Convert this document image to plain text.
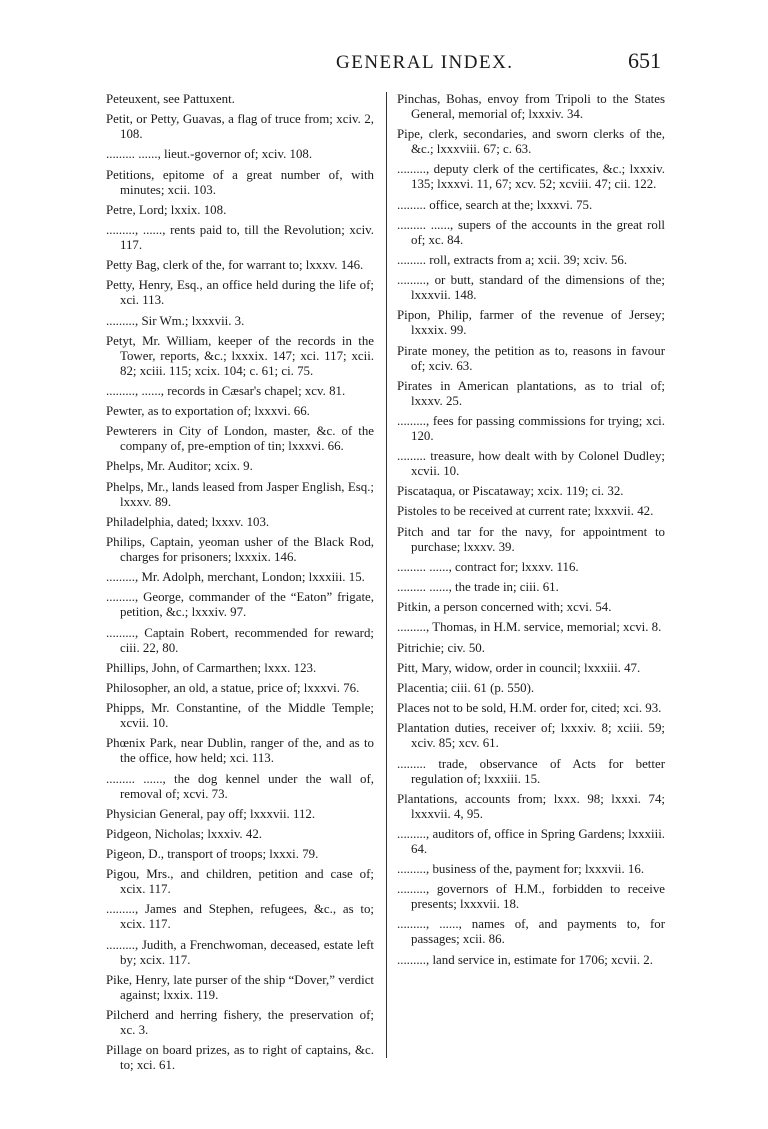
GENERAL INDEX.	651

Peteuxent, see Pattuxent.

Petit, or Petty, Guavas, a flag of truce from; xciv. 2, 108.

......... ......, lieut.-governor of; xciv. 108.

Petitions, epitome of a great number of, with minutes; xcii. 103.

Petre, Lord; lxxix. 108.

........., ......, rents paid to, till the Revolution; xciv. 117.

Petty Bag, clerk of the, for warrant to; lxxxv. 146.

Petty, Henry, Esq., an office held during the life of; xci. 113.

........., Sir Wm.; lxxxvii. 3.

Petyt, Mr. William, keeper of the records in the Tower, reports, &c.; lxxxix. 147; xci. 117; xcii. 82; xciii. 115; xcix. 104; c. 61; ci. 75.

........., ......, records in Cæsar's chapel; xcv. 81.

Pewter, as to exportation of; lxxxvi. 66.

Pewterers in City of London, master, &c. of the company of, pre-emption of tin; lxxxvi. 66.

Phelps, Mr. Auditor; xcix. 9.

Phelps, Mr., lands leased from Jasper English, Esq.; lxxxv. 89.

Philadelphia, dated; lxxxv. 103.

Philips, Captain, yeoman usher of the Black Rod, charges for prisoners; lxxxix. 146.

........., Mr. Adolph, merchant, London; lxxxiii. 15.

........., George, commander of the “Eaton” frigate, petition, &c.; lxxxiv. 97.

........., Captain Robert, recommended for reward; ciii. 22, 80.

Phillips, John, of Carmarthen; lxxx. 123.

Philosopher, an old, a statue, price of; lxxxvi. 76.

Phipps, Mr. Constantine, of the Middle Temple; xcvii. 10.

Phœnix Park, near Dublin, ranger of the, and as to the office, how held; xci. 113.

......... ......, the dog kennel under the wall of, removal of; xcvi. 73.

Physician General, pay off; lxxxvii. 112.

Pidgeon, Nicholas; lxxxiv. 42.

Pigeon, D., transport of troops; lxxxi. 79.

Pigou, Mrs., and children, petition and case of; xcix. 117.

........., James and Stephen, refugees, &c., as to; xcix. 117.

........., Judith, a Frenchwoman, deceased, estate left by; xcix. 117.

Pike, Henry, late purser of the ship “Dover,” verdict against; lxxix. 119.

Pilcherd and herring fishery, the preservation of; xc. 3.

Pillage on board prizes, as to right of captains, &c. to; xci. 61.

Pinchas, Bohas, envoy from Tripoli to the States General, memorial of; lxxxiv. 34.

Pipe, clerk, secondaries, and sworn clerks of the, &c.; lxxxviii. 67; c. 63.

........., deputy clerk of the certificates, &c.; lxxxiv. 135; lxxxvi. 11, 67; xcv. 52; xcviii. 47; cii. 122.

......... office, search at the; lxxxvi. 75.

......... ......, supers of the accounts in the great roll of; xc. 84.

......... roll, extracts from a; xcii. 39; xciv. 56.

........., or butt, standard of the dimensions of the; lxxxvii. 148.

Pipon, Philip, farmer of the revenue of Jersey; lxxxix. 99.

Pirate money, the petition as to, reasons in favour of; xciv. 63.

Pirates in American plantations, as to trial of; lxxxv. 25.

........., fees for passing commissions for trying; xci. 120.

......... treasure, how dealt with by Colonel Dudley; xcvii. 10.

Piscataqua, or Piscataway; xcix. 119; ci. 32.

Pistoles to be received at current rate; lxxxvii. 42.

Pitch and tar for the navy, for appointment to purchase; lxxxv. 39.

......... ......, contract for; lxxxv. 116.

......... ......, the trade in; ciii. 61.

Pitkin, a person concerned with; xcvi. 54.

........., Thomas, in H.M. service, memorial; xcvi. 8.

Pitrichie; civ. 50.

Pitt, Mary, widow, order in council; lxxxiii. 47.

Placentia; ciii. 61 (p. 550).

Places not to be sold, H.M. order for, cited; xci. 93.

Plantation duties, receiver of; lxxxiv. 8; xciii. 59; xciv. 85; xcv. 61.

......... trade, observance of Acts for better regulation of; lxxxiii. 15.

Plantations, accounts from; lxxx. 98; lxxxi. 74; lxxxvii. 4, 95.

........., auditors of, office in Spring Gardens; lxxxiii. 64.

........., business of the, payment for; lxxxvii. 16.

........., governors of H.M., forbidden to receive presents; lxxxvii. 18.

........., ......, names of, and payments to, for passages; xcii. 86.

........., land service in, estimate for 1706; xcvii. 2.
